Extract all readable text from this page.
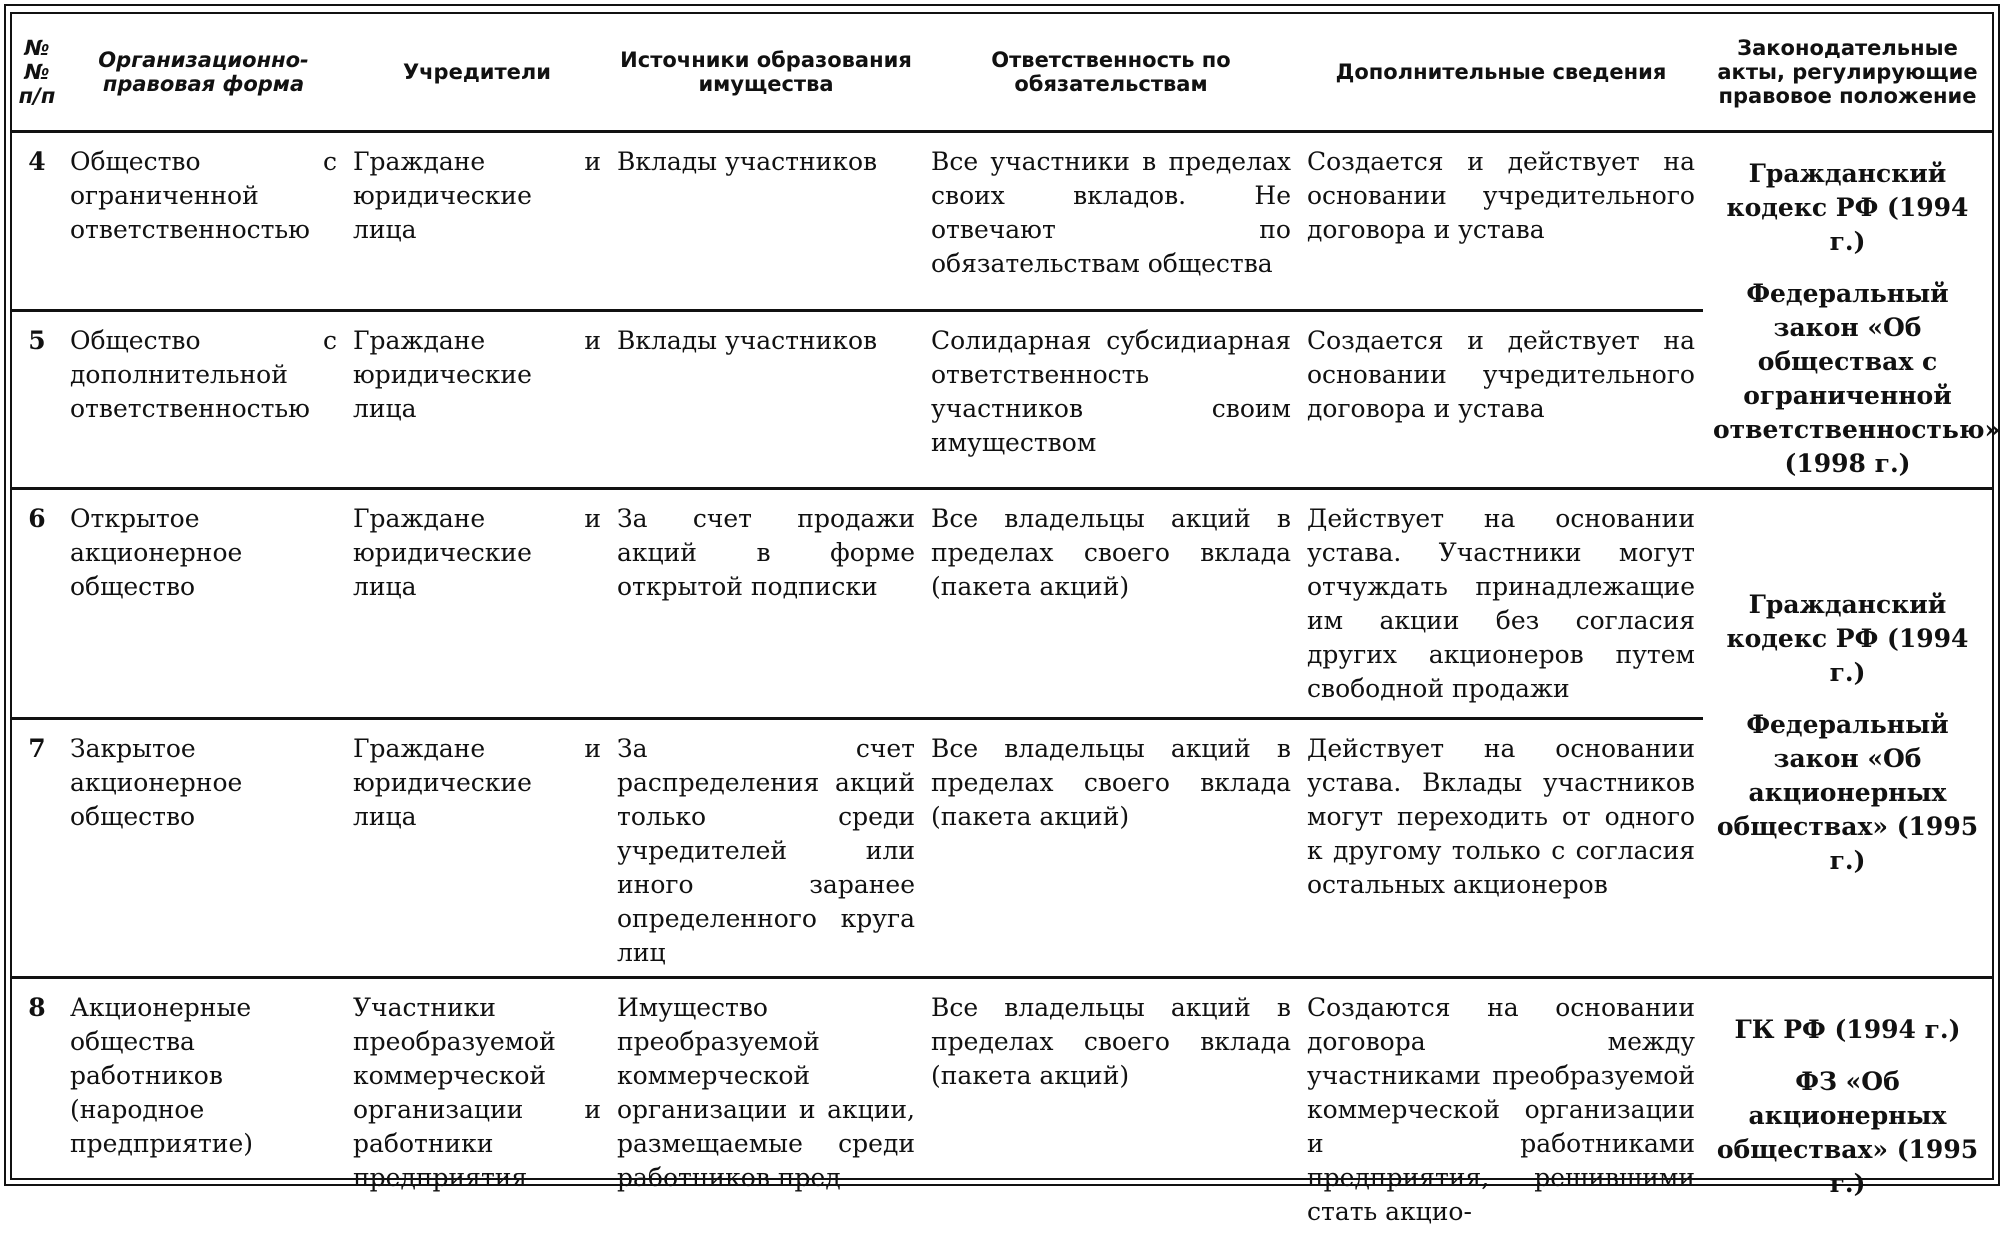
№№ п/п	Организационно-правовая форма	Учредители	Источники образования имущества	Ответственность по обязательствам	Дополнительные сведения	Законодательные акты, регулирующие правовое положение
4	Общество с ограниченной ответственностью	Граждане и юридические лица	Вклады участников	Все участники в пределах своих вкладов. Не отвечают по обязательствам общества	Создается и действует на основании учредительного договора и устава	Гражданский кодекс РФ (1994 г.)
Федеральный закон «Об обществах с ограниченной ответственностью» (1998 г.)

5	Общество с дополнительной ответственностью	Граждане и юридические лица	Вклады участников	Солидарная субсидиарная ответственность участников своим имуществом	Создается и действует на основании учредительного договора и устава	
6	Открытое акционерное общество	Граждане и юридические лица	За счет продажи акций в форме открытой подписки	Все владельцы акций в пределах своего вклада (пакета акций)	Действует на основании устава. Участники могут отчуждать принадлежащие им акции без согласия других акционеров путем свободной продажи	Гражданский кодекс РФ (1994 г.)
Федеральный закон «Об акционерных обществах» (1995 г.)

7	Закрытое акционерное общество	Граждане и юридические лица	За счет распределения акций только среди учредителей или иного заранее определенного круга лиц	Все владельцы акций в пределах своего вклада (пакета акций)	Действует на основании устава. Вклады участников могут переходить от одного к другому только с согласия остальных акционеров	
8	Акционерные общества работников (народное предприятие)	Участники преобразуемой коммерческой организации и работники предприятия	Имущество преобразуемой коммерческой организации и акции, размещаемые среди работников пред-	Все владельцы акций в пределах своего вклада (пакета акций)	Создаются на основании договора между участниками преобразуемой коммерческой организации и работниками предприятия, решившими стать акцио-	ГК РФ (1994 г.)
ФЗ «Об акционерных обществах» (1995 г.)
